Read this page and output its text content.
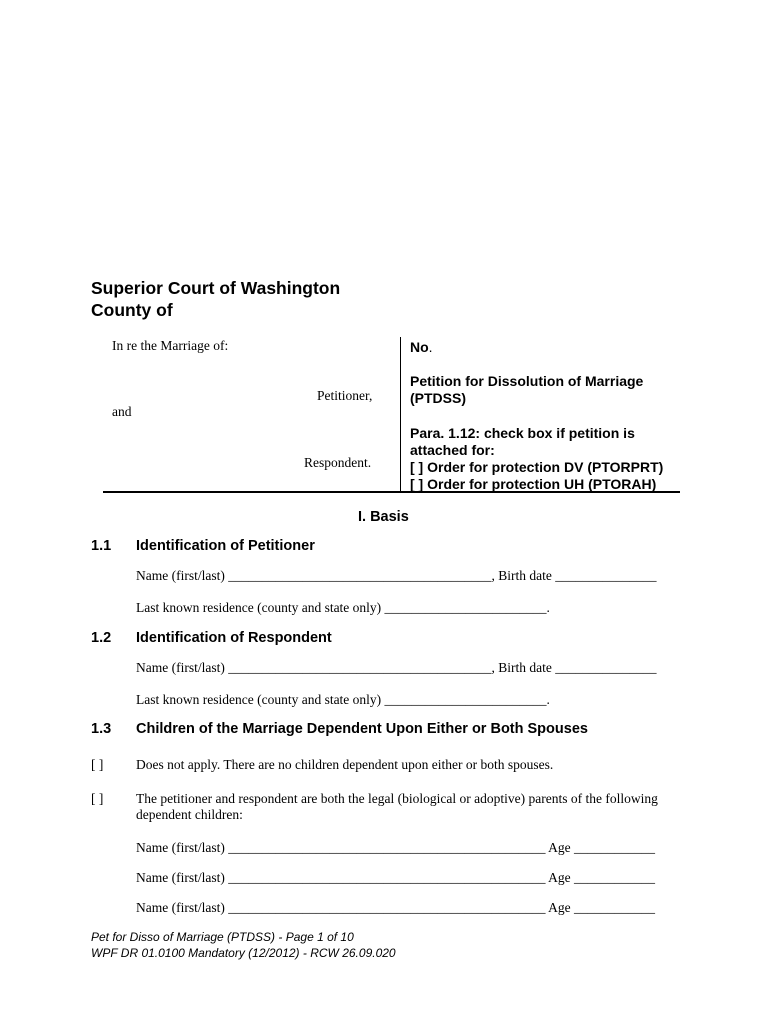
Superior Court of Washington
County of
In re the Marriage of:
Petitioner,
and
Respondent.
No.
Petition for Dissolution of Marriage
(PTDSS)
Para. 1.12: check box if petition is
attached for:
[ ] Order for protection DV (PTORPRT)
[ ] Order for protection UH (PTORAH)
I. Basis
1.1 Identification of Petitioner
Name (first/last) _______________________________________, Birth date _______________
Last known residence (county and state only) ________________________.
1.2 Identification of Respondent
Name (first/last) _______________________________________, Birth date _______________
Last known residence (county and state only) ________________________.
1.3 Children of the Marriage Dependent Upon Either or Both Spouses
[ ] Does not apply. There are no children dependent upon either or both spouses.
[ ] The petitioner and respondent are both the legal (biological or adoptive) parents of the following
dependent children:
Name (first/last) _______________________________________________ Age ____________
Name (first/last) _______________________________________________ Age ____________
Name (first/last) _______________________________________________ Age ____________
Pet for Disso of Marriage (PTDSS) - Page 1 of 10
WPF DR 01.0100 Mandatory (12/2012) - RCW 26.09.020
